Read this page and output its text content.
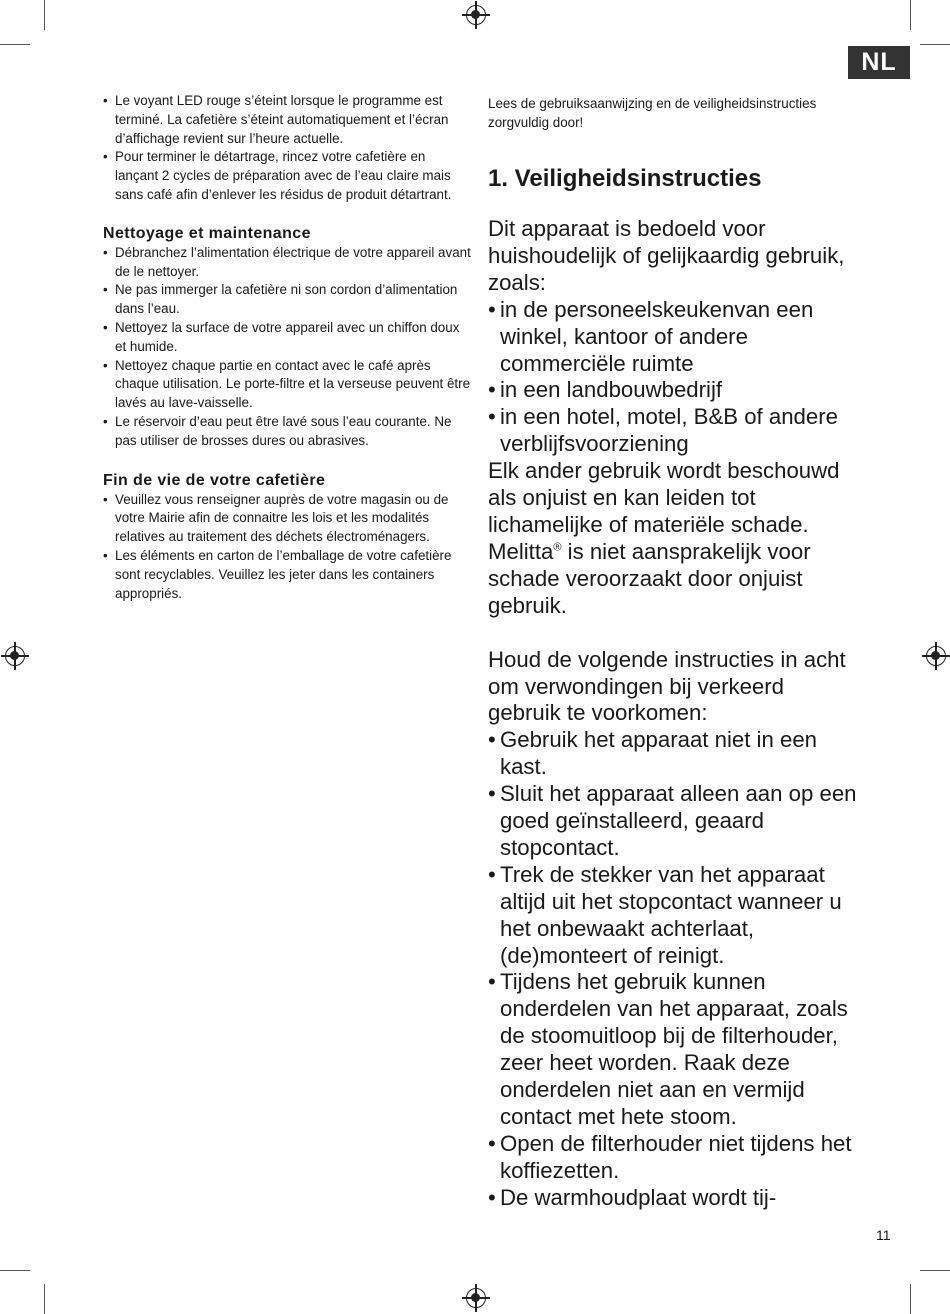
NL
• Le voyant LED rouge s’éteint lorsque le programme est terminé. La cafetière s’éteint automatiquement et l’écran d’affichage revient sur l’heure actuelle.
• Pour terminer le détartrage, rincez votre cafetière en lançant 2 cycles de préparation avec de l’eau claire mais sans café afin d’enlever les résidus de produit détartrant.
Nettoyage et maintenance
• Débranchez l’alimentation électrique de votre appareil avant de le nettoyer.
• Ne pas immerger la cafetière ni son cordon d’alimentation dans l’eau.
• Nettoyez la surface de votre appareil avec un chiffon doux et humide.
• Nettoyez chaque partie en contact avec le café après chaque utilisation. Le porte-filtre et la verseuse peuvent être lavés au lave-vaisselle.
• Le réservoir d’eau peut être lavé sous l’eau courante. Ne pas utiliser de brosses dures ou abrasives.
Fin de vie de votre cafetière
• Veuillez vous renseigner auprès de votre magasin ou de votre Mairie afin de connaitre les lois et les modalités relatives au traitement des déchets électroménagers.
• Les éléments en carton de l’emballage de votre cafetière sont recyclables. Veuillez les jeter dans les containers appropriés.

Lees de gebruiksaanwijzing en de veiligheidsinstructies zorgvuldig door!

1. Veiligheidsinstructies

Dit apparaat is bedoeld voor huishoudelijk of gelijkaardig gebruik, zoals:

• in de personeelskeukenvan een winkel, kantoor of andere commerciële ruimte
• in een landbouwbedrijf
• in een hotel, motel, B&B of andere verblijfsvoorziening

Elk ander gebruik wordt beschouwd als onjuist en kan leiden tot lichamelijke of materiële schade. Melitta® is niet aansprakelijk voor schade veroorzaakt door onjuist gebruik.

Houd de volgende instructies in acht om verwondingen bij verkeerd gebruik te voorkomen:

• Gebruik het apparaat niet in een kast.
• Sluit het apparaat alleen aan op een goed geïnstalleerd, geaard stopcontact.
• Trek de stekker van het apparaat altijd uit het stopcontact wanneer u het onbewaakt achterlaat, (de)monteert of reinigt.
• Tijdens het gebruik kunnen onderdelen van het apparaat, zoals de stoomuitloop bij de filterhouder, zeer heet worden. Raak deze onderdelen niet aan en vermijd contact met hete stoom.
• Open de filterhouder niet tijdens het koffiezetten.
• De warmhoudplaat wordt tij-
11
